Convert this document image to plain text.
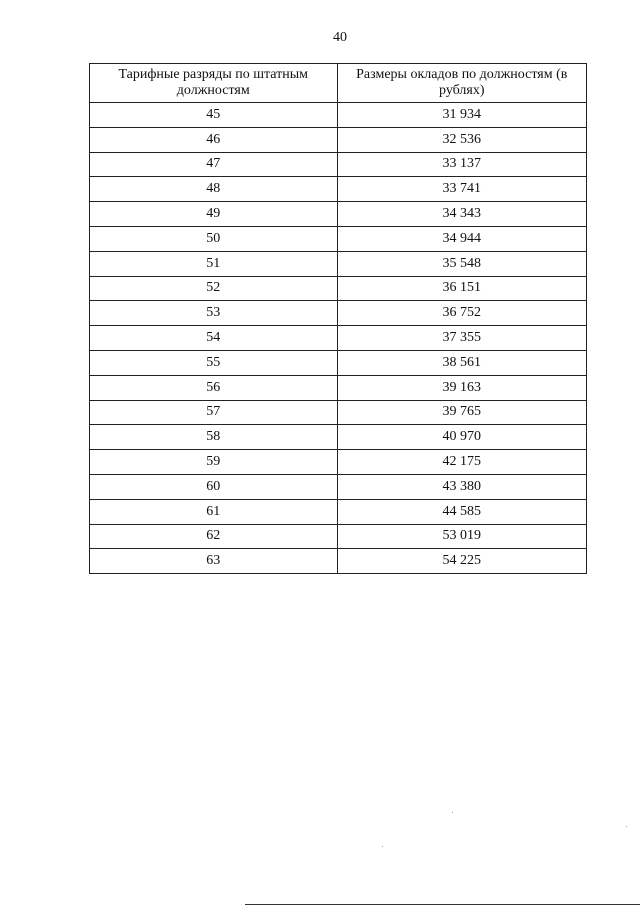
40
Тарифные разряды по штатным должностям	Размеры окладов по должностям (в рублях)
45	31 934
46	32 536
47	33 137
48	33 741
49	34 343
50	34 944
51	35 548
52	36 151
53	36 752
54	37 355
55	38 561
56	39 163
57	39 765
58	40 970
59	42 175
60	43 380
61	44 585
62	53 019
63	54 225
